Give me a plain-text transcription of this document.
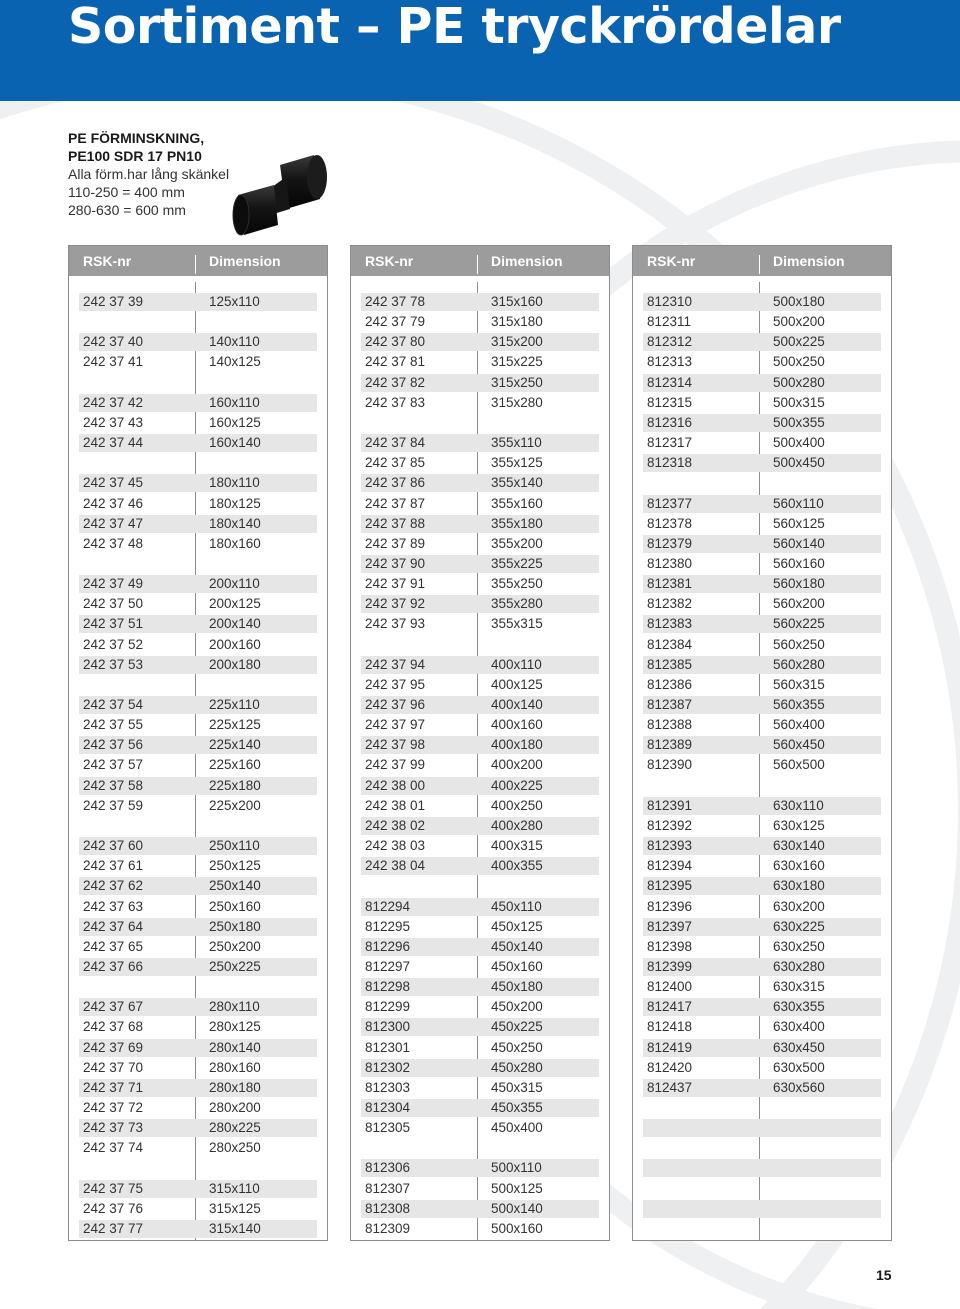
Sortiment – PE tryckrördelar
PE FÖRMINSKNING,
PE100 SDR 17 PN10
Alla förm.har lång skänkel
110-250 = 400 mm
280-630 = 600 mm
RSK-nr	Dimension
242 37 39	125x110
242 37 40	140x110
242 37 41	140x125
242 37 42	160x110
242 37 43	160x125
242 37 44	160x140
242 37 45	180x110
242 37 46	180x125
242 37 47	180x140
242 37 48	180x160
242 37 49	200x110
242 37 50	200x125
242 37 51	200x140
242 37 52	200x160
242 37 53	200x180
242 37 54	225x110
242 37 55	225x125
242 37 56	225x140
242 37 57	225x160
242 37 58	225x180
242 37 59	225x200
242 37 60	250x110
242 37 61	250x125
242 37 62	250x140
242 37 63	250x160
242 37 64	250x180
242 37 65	250x200
242 37 66	250x225
242 37 67	280x110
242 37 68	280x125
242 37 69	280x140
242 37 70	280x160
242 37 71	280x180
242 37 72	280x200
242 37 73	280x225
242 37 74	280x250
242 37 75	315x110
242 37 76	315x125
242 37 77	315x140
RSK-nr	Dimension
242 37 78	315x160
242 37 79	315x180
242 37 80	315x200
242 37 81	315x225
242 37 82	315x250
242 37 83	315x280
242 37 84	355x110
242 37 85	355x125
242 37 86	355x140
242 37 87	355x160
242 37 88	355x180
242 37 89	355x200
242 37 90	355x225
242 37 91	355x250
242 37 92	355x280
242 37 93	355x315
242 37 94	400x110
242 37 95	400x125
242 37 96	400x140
242 37 97	400x160
242 37 98	400x180
242 37 99	400x200
242 38 00	400x225
242 38 01	400x250
242 38 02	400x280
242 38 03	400x315
242 38 04	400x355
812294	450x110
812295	450x125
812296	450x140
812297	450x160
812298	450x180
812299	450x200
812300	450x225
812301	450x250
812302	450x280
812303	450x315
812304	450x355
812305	450x400
812306	500x110
812307	500x125
812308	500x140
812309	500x160
RSK-nr	Dimension
812310	500x180
812311	500x200
812312	500x225
812313	500x250
812314	500x280
812315	500x315
812316	500x355
812317	500x400
812318	500x450
812377	560x110
812378	560x125
812379	560x140
812380	560x160
812381	560x180
812382	560x200
812383	560x225
812384	560x250
812385	560x280
812386	560x315
812387	560x355
812388	560x400
812389	560x450
812390	560x500
812391	630x110
812392	630x125
812393	630x140
812394	630x160
812395	630x180
812396	630x200
812397	630x225
812398	630x250
812399	630x280
812400	630x315
812417	630x355
812418	630x400
812419	630x450
812420	630x500
812437	630x560
15
